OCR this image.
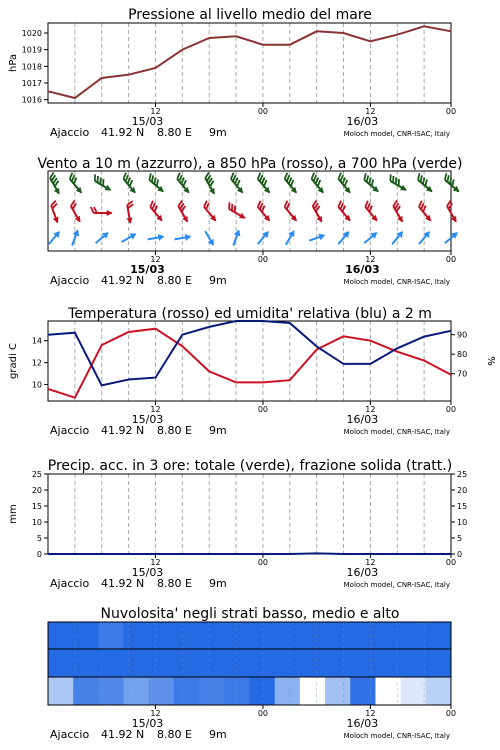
Pressione al livello medio del mare
1016
1017
1018
1019
1020
hPa
12	00	12	00
15/03	16/03
Ajaccio 41.92 N 8.80 E 9m	Moloch model, CNR-ISAC, Italy
Vento a 10 m (azzurro), a 850 hPa (rosso), a 700 hPa (verde)
12	00	12	00
15/03	16/03
Ajaccio 41.92 N 8.80 E 9m	Moloch model, CNR-ISAC, Italy
Temperatura (rosso) ed umidita' relativa (blu) a 2 m
10
12
14
70
80
90
gradi C	%
12	00	12	00
15/03	16/03
Ajaccio 41.92 N 8.80 E 9m	Moloch model, CNR-ISAC, Italy
Precip. acc. in 3 ore: totale (verde), frazione solida (tratt.)
0
5
10
15
20
25
0
5
10
15
20
25
mm
12	00	12	00
15/03	16/03
Ajaccio 41.92 N 8.80 E 9m	Moloch model, CNR-ISAC, Italy
Nuvolosita' negli strati basso, medio e alto
12	00	12	00
15/03	16/03
Ajaccio 41.92 N 8.80 E 9m	Moloch model, CNR-ISAC, Italy
